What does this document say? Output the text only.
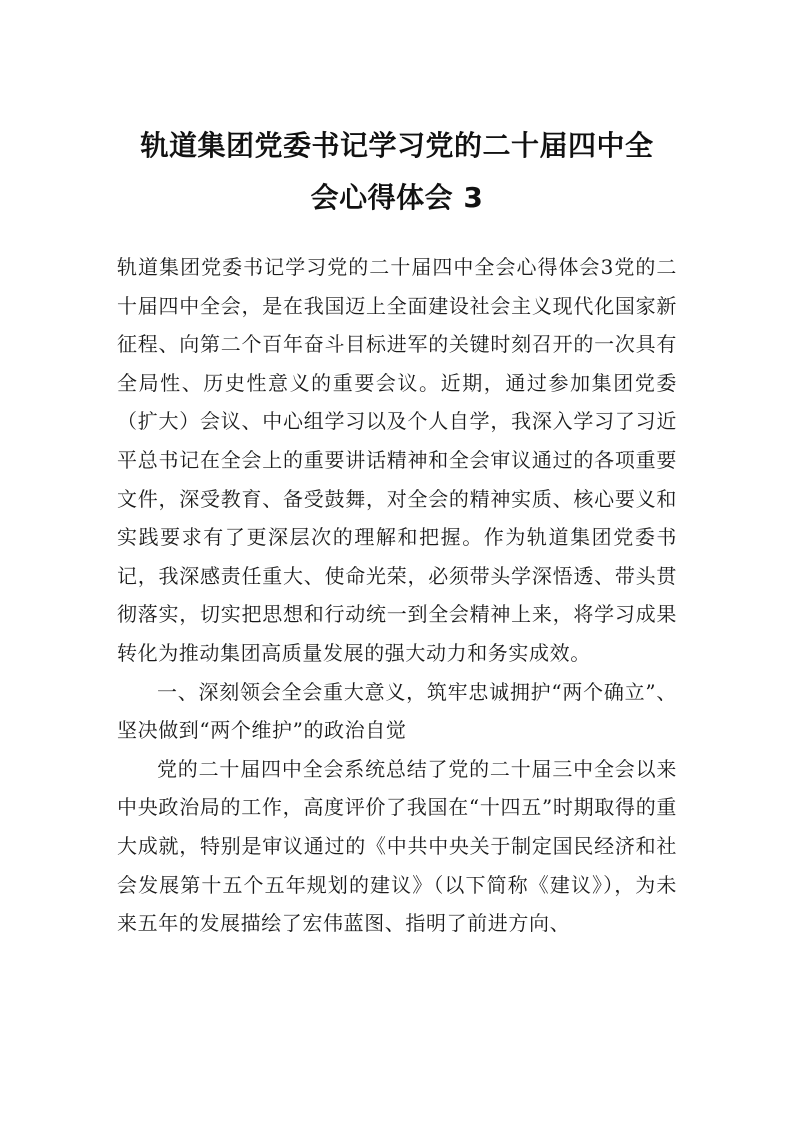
轨道集团党委书记学习党的二十届四中全
会心得体会 3

轨道集团党委书记学习党的二十届四中全会心得体会3党的二十届四中全会，是在我国迈上全面建设社会主义现代化国家新征程、向第二个百年奋斗目标进军的关键时刻召开的一次具有全局性、历史性意义的重要会议。近期，通过参加集团党委（扩大）会议、中心组学习以及个人自学，我深入学习了习近平总书记在全会上的重要讲话精神和全会审议通过的各项重要文件，深受教育、备受鼓舞，对全会的精神实质、核心要义和实践要求有了更深层次的理解和把握。作为轨道集团党委书记，我深感责任重大、使命光荣，必须带头学深悟透、带头贯彻落实，切实把思想和行动统一到全会精神上来，将学习成果转化为推动集团高质量发展的强大动力和务实成效。

一、深刻领会全会重大意义，筑牢忠诚拥护“两个确立”、坚决做到“两个维护”的政治自觉

党的二十届四中全会系统总结了党的二十届三中全会以来中央政治局的工作，高度评价了我国在“十四五”时期取得的重大成就，特别是审议通过的《中共中央关于制定国民经济和社会发展第十五个五年规划的建议》（以下简称《建议》），为未来五年的发展描绘了宏伟蓝图、指明了前进方向、
